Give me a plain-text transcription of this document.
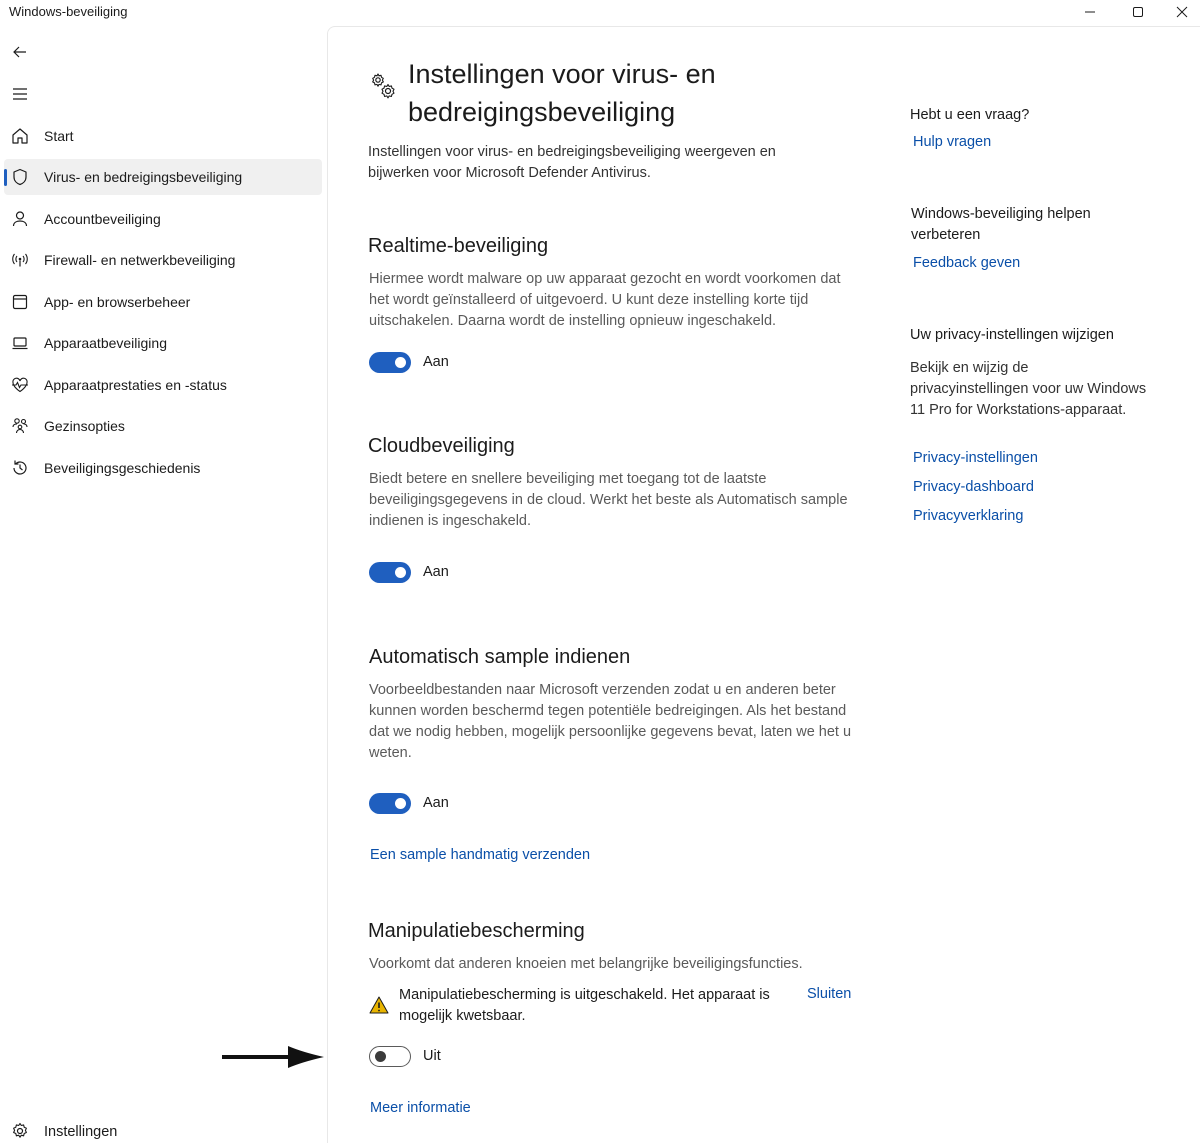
Windows-beveiliging
Start
Virus- en bedreigingsbeveiliging
Accountbeveiliging
Firewall- en netwerkbeveiliging
App- en browserbeheer
Apparaatbeveiliging
Apparaatprestaties en -status
Gezinsopties
Beveiligingsgeschiedenis
Instellingen
Instellingen voor virus- en bedreigingsbeveiliging

Instellingen voor virus- en bedreigingsbeveiliging weergeven en bijwerken voor Microsoft Defender Antivirus.

Realtime-beveiliging

Hiermee wordt malware op uw apparaat gezocht en wordt voorkomen dat het wordt geïnstalleerd of uitgevoerd. U kunt deze instelling korte tijd uitschakelen. Daarna wordt de instelling opnieuw ingeschakeld.

Aan
Cloudbeveiliging

Biedt betere en snellere beveiliging met toegang tot de laatste beveiligingsgegevens in de cloud. Werkt het beste als Automatisch sample indienen is ingeschakeld.

Aan
Automatisch sample indienen

Voorbeeldbestanden naar Microsoft verzenden zodat u en anderen beter kunnen worden beschermd tegen potentiële bedreigingen. Als het bestand dat we nodig hebben, mogelijk persoonlijke gegevens bevat, laten we het u weten.

Aan
Een sample handmatig verzenden
Manipulatiebescherming

Voorkomt dat anderen knoeien met belangrijke beveiligingsfuncties.

Manipulatiebescherming is uitgeschakeld. Het apparaat is mogelijk kwetsbaar.

Sluiten
Uit
Meer informatie
Hebt u een vraag?
Hulp vragen
Windows-beveiliging helpen verbeteren
Feedback geven
Uw privacy-instellingen wijzigen

Bekijk en wijzig de privacyinstellingen voor uw Windows 11 Pro for Workstations-apparaat.

Privacy-instellingen
Privacy-dashboard
Privacyverklaring
